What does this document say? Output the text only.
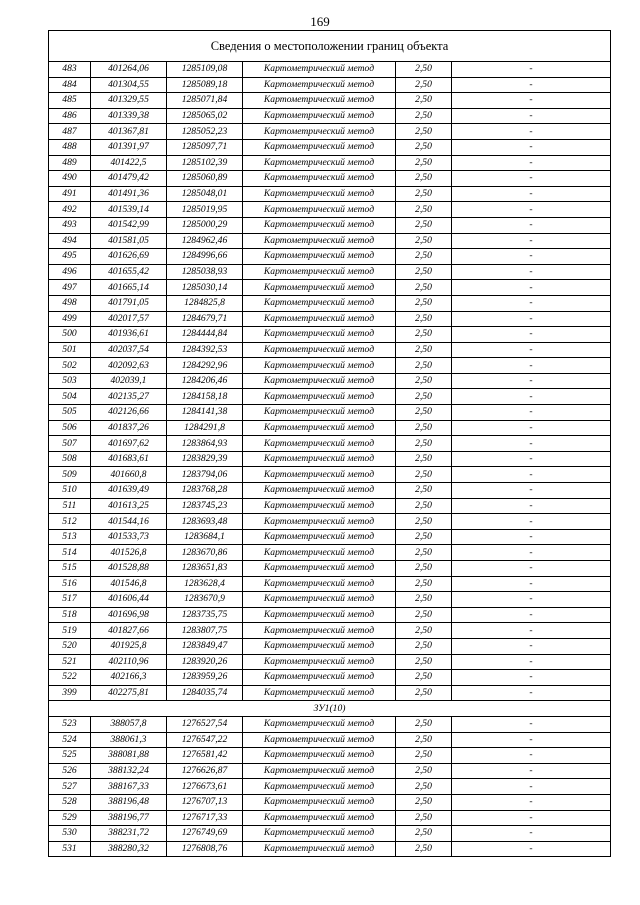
169
Сведения о местоположении границ объекта					
483	401264,06	1285109,08	Картометрический метод	2,50	-
484	401304,55	1285089,18	Картометрический метод	2,50	-
485	401329,55	1285071,84	Картометрический метод	2,50	-
486	401339,38	1285065,02	Картометрический метод	2,50	-
487	401367,81	1285052,23	Картометрический метод	2,50	-
488	401391,97	1285097,71	Картометрический метод	2,50	-
489	401422,5	1285102,39	Картометрический метод	2,50	-
490	401479,42	1285060,89	Картометрический метод	2,50	-
491	401491,36	1285048,01	Картометрический метод	2,50	-
492	401539,14	1285019,95	Картометрический метод	2,50	-
493	401542,99	1285000,29	Картометрический метод	2,50	-
494	401581,05	1284962,46	Картометрический метод	2,50	-
495	401626,69	1284996,66	Картометрический метод	2,50	-
496	401655,42	1285038,93	Картометрический метод	2,50	-
497	401665,14	1285030,14	Картометрический метод	2,50	-
498	401791,05	1284825,8	Картометрический метод	2,50	-
499	402017,57	1284679,71	Картометрический метод	2,50	-
500	401936,61	1284444,84	Картометрический метод	2,50	-
501	402037,54	1284392,53	Картометрический метод	2,50	-
502	402092,63	1284292,96	Картометрический метод	2,50	-
503	402039,1	1284206,46	Картометрический метод	2,50	-
504	402135,27	1284158,18	Картометрический метод	2,50	-
505	402126,66	1284141,38	Картометрический метод	2,50	-
506	401837,26	1284291,8	Картометрический метод	2,50	-
507	401697,62	1283864,93	Картометрический метод	2,50	-
508	401683,61	1283829,39	Картометрический метод	2,50	-
509	401660,8	1283794,06	Картометрический метод	2,50	-
510	401639,49	1283768,28	Картометрический метод	2,50	-
511	401613,25	1283745,23	Картометрический метод	2,50	-
512	401544,16	1283693,48	Картометрический метод	2,50	-
513	401533,73	1283684,1	Картометрический метод	2,50	-
514	401526,8	1283670,86	Картометрический метод	2,50	-
515	401528,88	1283651,83	Картометрический метод	2,50	-
516	401546,8	1283628,4	Картометрический метод	2,50	-
517	401606,44	1283670,9	Картометрический метод	2,50	-
518	401696,98	1283735,75	Картометрический метод	2,50	-
519	401827,66	1283807,75	Картометрический метод	2,50	-
520	401925,8	1283849,47	Картометрический метод	2,50	-
521	402110,96	1283920,26	Картометрический метод	2,50	-
522	402166,3	1283959,26	Картометрический метод	2,50	-
399	402275,81	1284035,74	Картометрический метод	2,50	-
ЗУ1(10)					
523	388057,8	1276527,54	Картометрический метод	2,50	-
524	388061,3	1276547,22	Картометрический метод	2,50	-
525	388081,88	1276581,42	Картометрический метод	2,50	-
526	388132,24	1276626,87	Картометрический метод	2,50	-
527	388167,33	1276673,61	Картометрический метод	2,50	-
528	388196,48	1276707,13	Картометрический метод	2,50	-
529	388196,77	1276717,33	Картометрический метод	2,50	-
530	388231,72	1276749,69	Картометрический метод	2,50	-
531	388280,32	1276808,76	Картометрический метод	2,50	-
